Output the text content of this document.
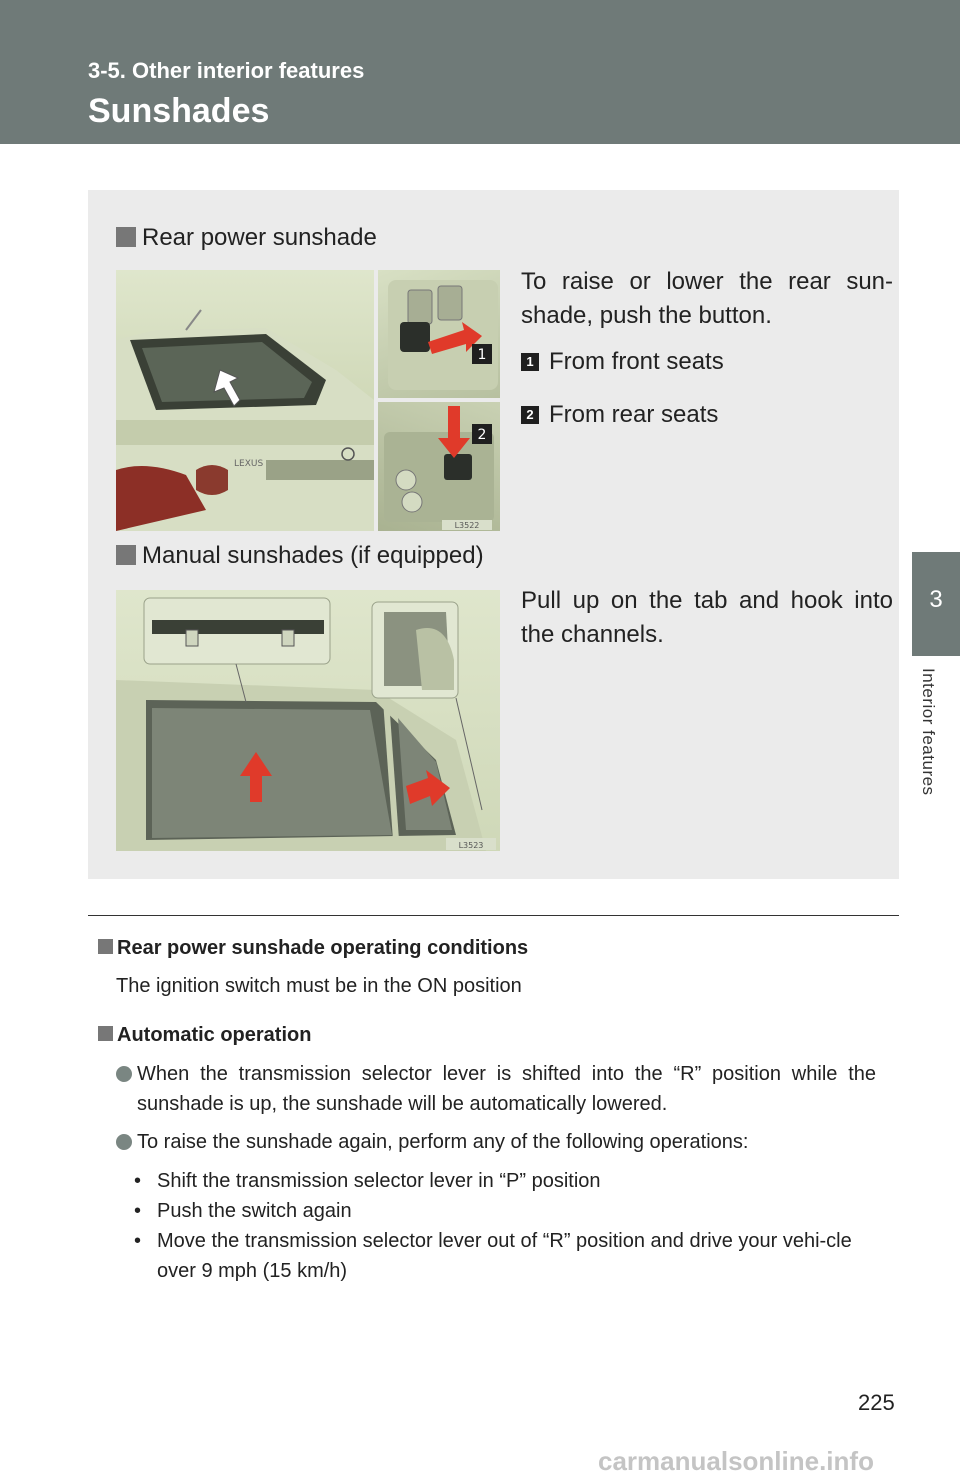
3-5. Other interior features
Sunshades
3
Interior features
Rear power sunshade
LEXUS
1
2
L3522
To raise or lower the rear sun-shade, push the button.
1 From front seats
2 From rear seats
Manual sunshades (if equipped)
L3523
Pull up on the tab and hook into the channels.
Rear power sunshade operating conditions
The ignition switch must be in the ON position
Automatic operation
When the transmission selector lever is shifted into the “R” position while the sunshade is up, the sunshade will be automatically lowered.
To raise the sunshade again, perform any of the following operations:
• Shift the transmission selector lever in “P” position
• Push the switch again
• Move the transmission selector lever out of “R” position and drive your vehi-cle over 9 mph (15 km/h)
225
carmanualsonline.info
